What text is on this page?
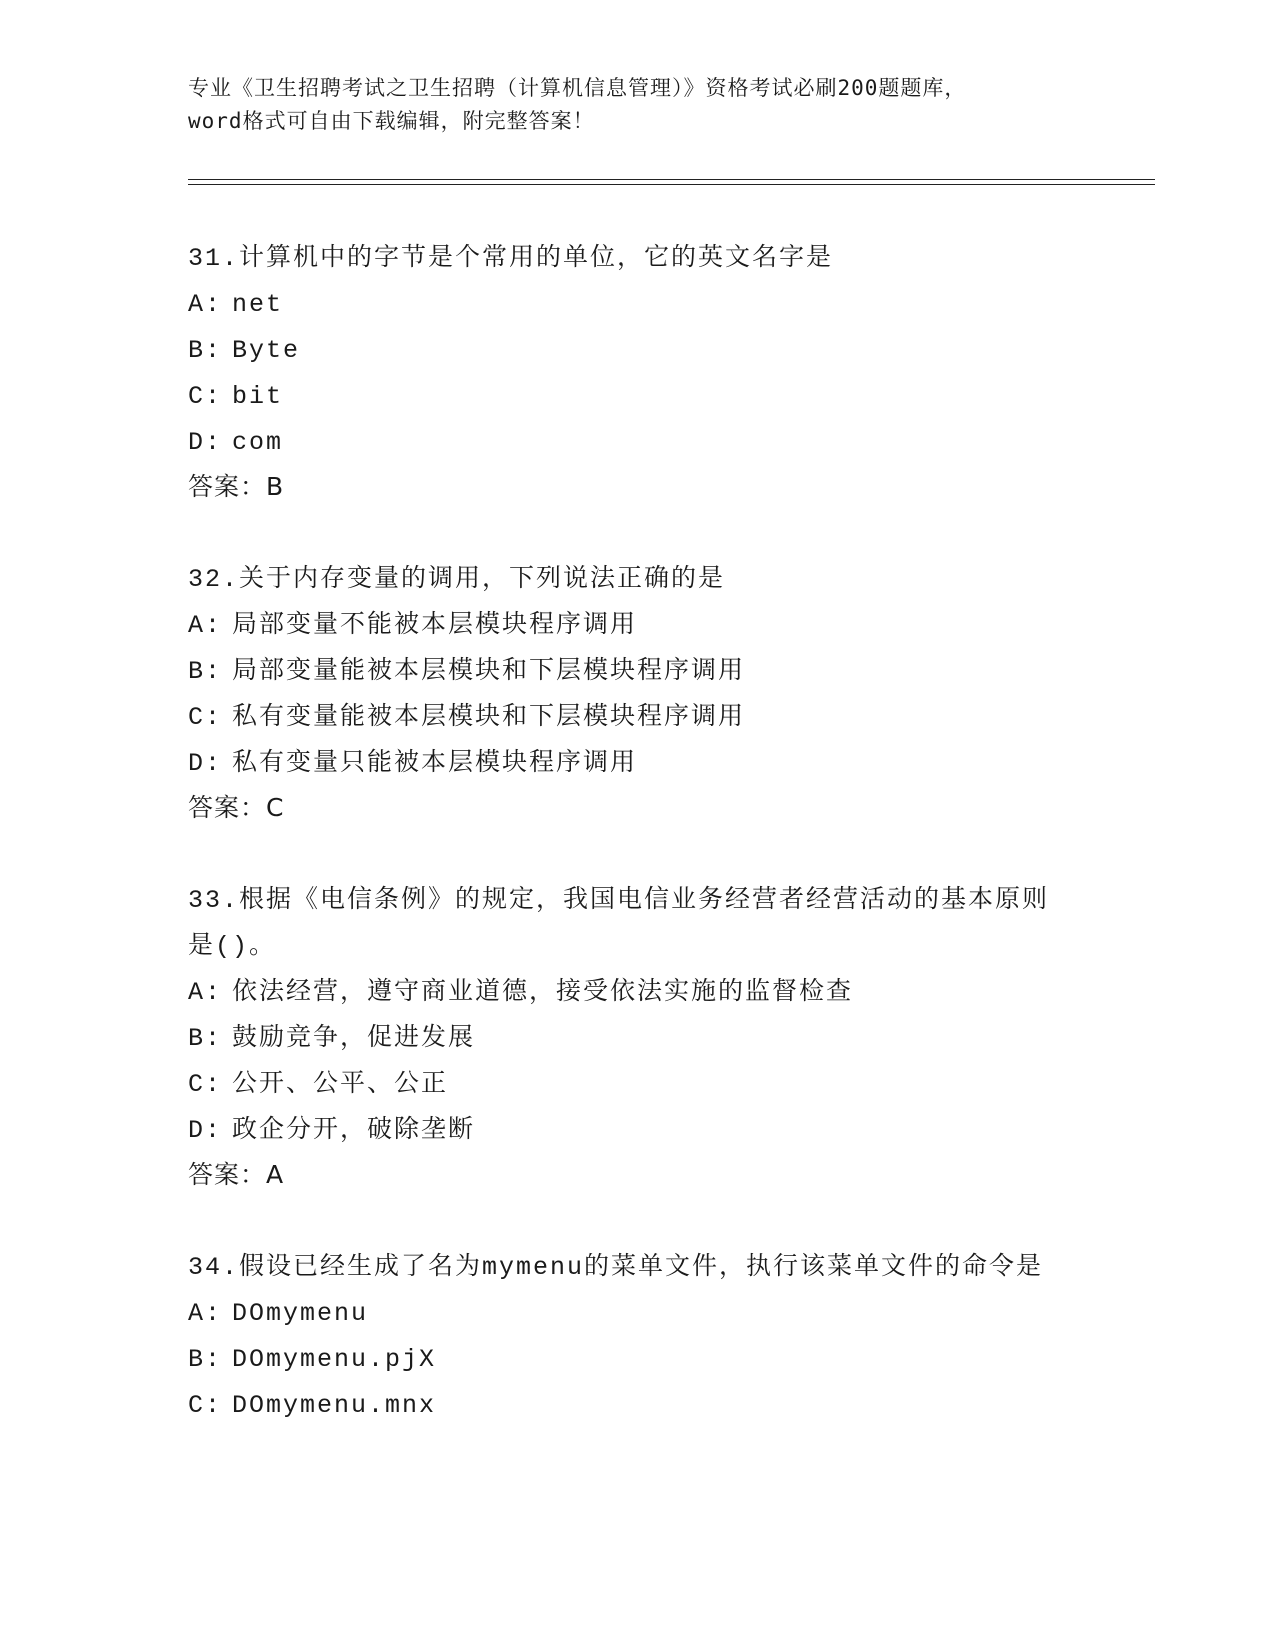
专业《卫生招聘考试之卫生招聘（计算机信息管理）》资格考试必刷200题题库，
word格式可自由下载编辑，附完整答案！
31.计算机中的字节是个常用的单位，它的英文名字是
A: net
B: Byte
C: bit
D: com
答案：B
32.关于内存变量的调用，下列说法正确的是
A: 局部变量不能被本层模块程序调用
B: 局部变量能被本层模块和下层模块程序调用
C: 私有变量能被本层模块和下层模块程序调用
D: 私有变量只能被本层模块程序调用
答案：C
33.根据《电信条例》的规定，我国电信业务经营者经营活动的基本原则是()。
A: 依法经营，遵守商业道德，接受依法实施的监督检查
B: 鼓励竞争，促进发展
C: 公开、公平、公正
D: 政企分开，破除垄断
答案：A
34.假设已经生成了名为mymenu的菜单文件，执行该菜单文件的命令是
A: DOmymenu
B: DOmymenu.pjX
C: DOmymenu.mnx
